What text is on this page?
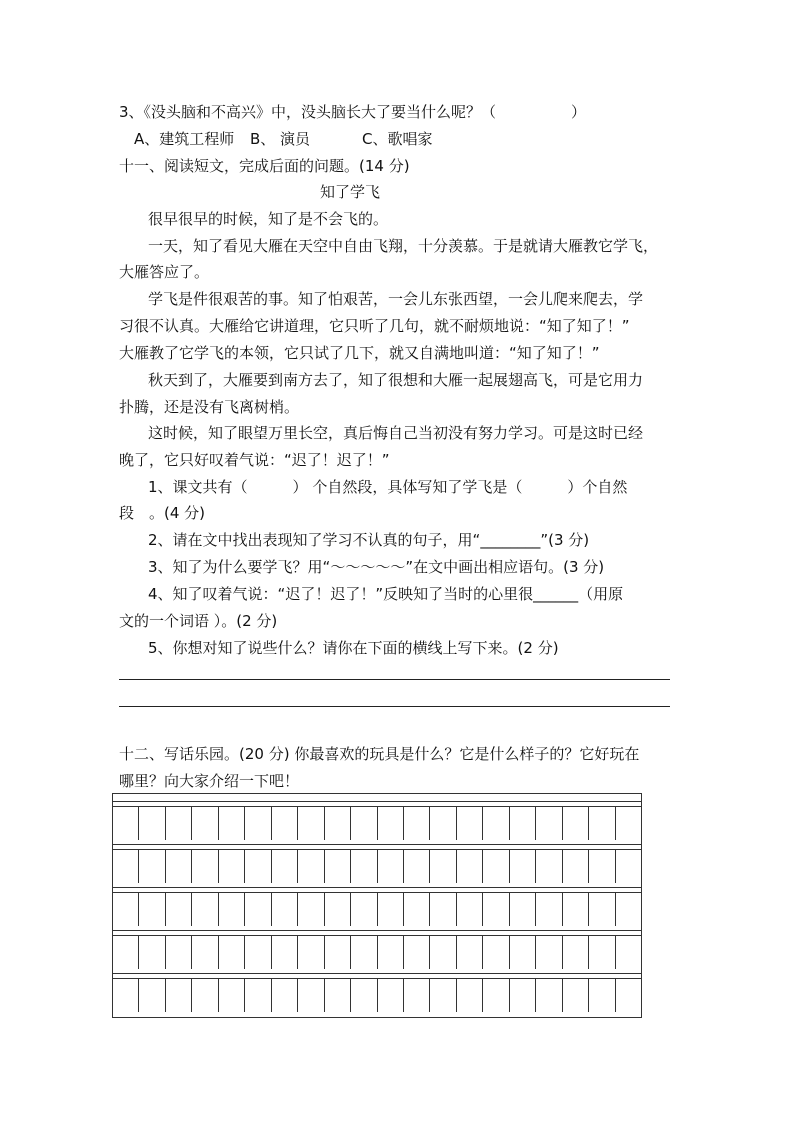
3、《没头脑和不高兴》中，没头脑长大了要当什么呢？（　　　　　）
A、建筑工程师 B、 演员	C、歌唱家
十一、阅读短文，完成后面的问题。(14 分)
知了学飞
很早很早的时候，知了是不会飞的。
一天，知了看见大雁在天空中自由飞翔，十分羡慕。于是就请大雁教它学飞，
大雁答应了。
学飞是件很艰苦的事。知了怕艰苦，一会儿东张西望，一会儿爬来爬去，学
习很不认真。大雁给它讲道理，它只听了几句，就不耐烦地说：“知了知了！”
大雁教了它学飞的本领，它只试了几下，就又自满地叫道：“知了知了！”
秋天到了，大雁要到南方去了，知了很想和大雁一起展翅高飞，可是它用力
扑腾，还是没有飞离树梢。
这时候，知了眼望万里长空，真后悔自己当初没有努力学习。可是这时已经
晚了，它只好叹着气说：“迟了！迟了！”
1、课文共有（　　　） 个自然段，具体写知了学飞是（　　　）个自然
段　。(4 分)
2、请在文中找出表现知了学习不认真的句子，用“________”(3 分)
3、知了为什么要学飞？用“～～～～～”在文中画出相应语句。(3 分)
4、知了叹着气说：“迟了！迟了！”反映知了当时的心里很______（用原
文的一个词语 ）。(2 分)
5、你想对知了说些什么？请你在下面的横线上写下来。(2 分)
十二、写话乐园。(20 分) 你最喜欢的玩具是什么？它是什么样子的？它好玩在
哪里？向大家介绍一下吧！
